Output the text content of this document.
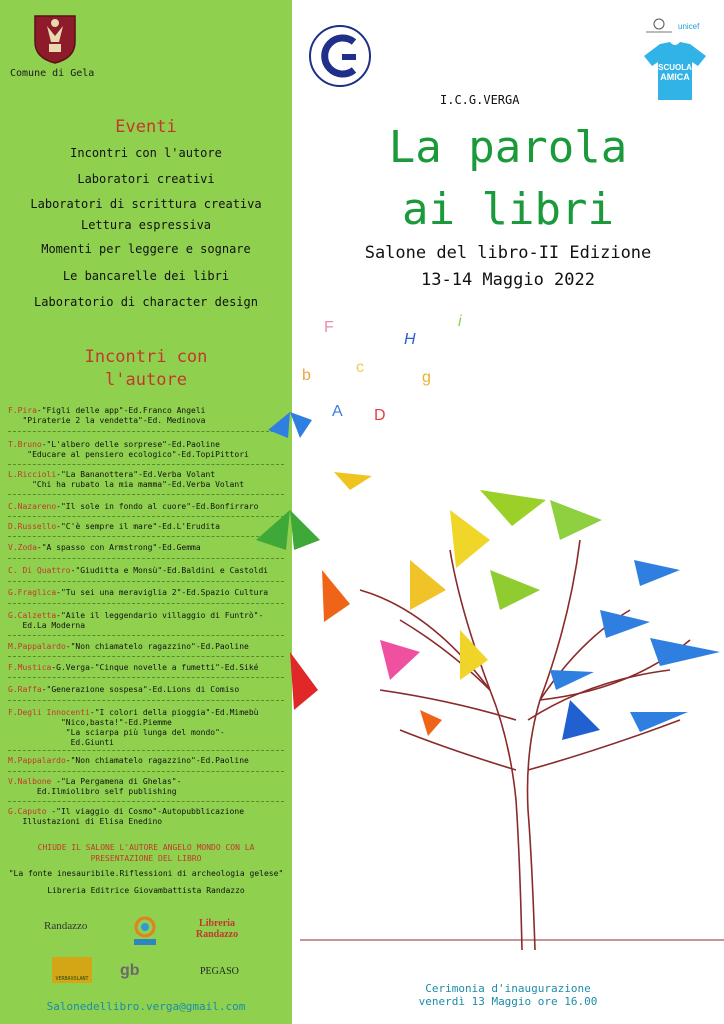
Comune di Gela
Eventi
Incontri con l'autore
Laboratori creativi
Laboratori di scrittura creativa
Lettura espressiva
Momenti per leggere e sognare
Le bancarelle dei libri
Laboratorio di character design
Incontri con
l'autore
F.Pira-"Figli delle app"-Ed.Franco Angeli
"Piraterie 2 la vendetta"-Ed. Medinova
T.Bruno-"L'albero delle sorprese"-Ed.Paoline
"Educare al pensiero ecologico"-Ed.TopiPittori
L.Riccioli-"La Bananottera"-Ed.Verba Volant
"Chi ha rubato la mia mamma"-Ed.Verba Volant
C.Nazareno-"Il sole in fondo al cuore"-Ed.Bonfirraro
D.Russello-"C'è sempre il mare"-Ed.L'Erudita
V.Zoda-"A spasso con Armstrong"-Ed.Gemma
C. Di Quattro-"Giuditta e Monsù"-Ed.Baldini e Castoldi
G.Fraglica-"Tu sei una meraviglia 2"-Ed.Spazio Cultura
G.Calzetta-"Aile il leggendario villaggio di Funtrò"-
Ed.La Moderna
M.Pappalardo-"Non chiamatelo ragazzino"-Ed.Paoline
F.Mustica-G.Verga-"Cinque novelle a fumetti"-Ed.Siké
G.Raffa-"Generazione sospesa"-Ed.Lions di Comiso
F.Degli Innocenti-"I colori della pioggia"-Ed.Mimebù
"Nico,basta!"-Ed.Piemme
"La sciarpa più lunga del mondo"-
Ed.Giunti
M.Pappalardo-"Non chiamatelo ragazzino"-Ed.Paoline
V.Nalbone -"La Pergamena di Ghelas"-
Ed.Ilmiolibro self publishing
G.Caputo -"Il viaggio di Cosmo"-Autopubblicazione
Illustazioni di Elisa Enedino
CHIUDE IL SALONE L'AUTORE ANGELO MONDO CON LA
PRESENTAZIONE DEL LIBRO
"La fonte inesauribile.Riflessioni di archeologia gelese"
Libreria Editrice Giovambattista Randazzo
Randazzo	Libreria
Randazzo
VERBAVOLANT gb	PEGASO
Salonedellibro.verga@gmail.com
I.C.G.VERGA
unicef
SCUOLA
AMICA
La parola
ai libri
Salone del libro-II Edizione
13-14 Maggio 2022
F
H
i
b	c
g
A D
Cerimonia d'inaugurazione
venerdì 13 Maggio ore 16.00
